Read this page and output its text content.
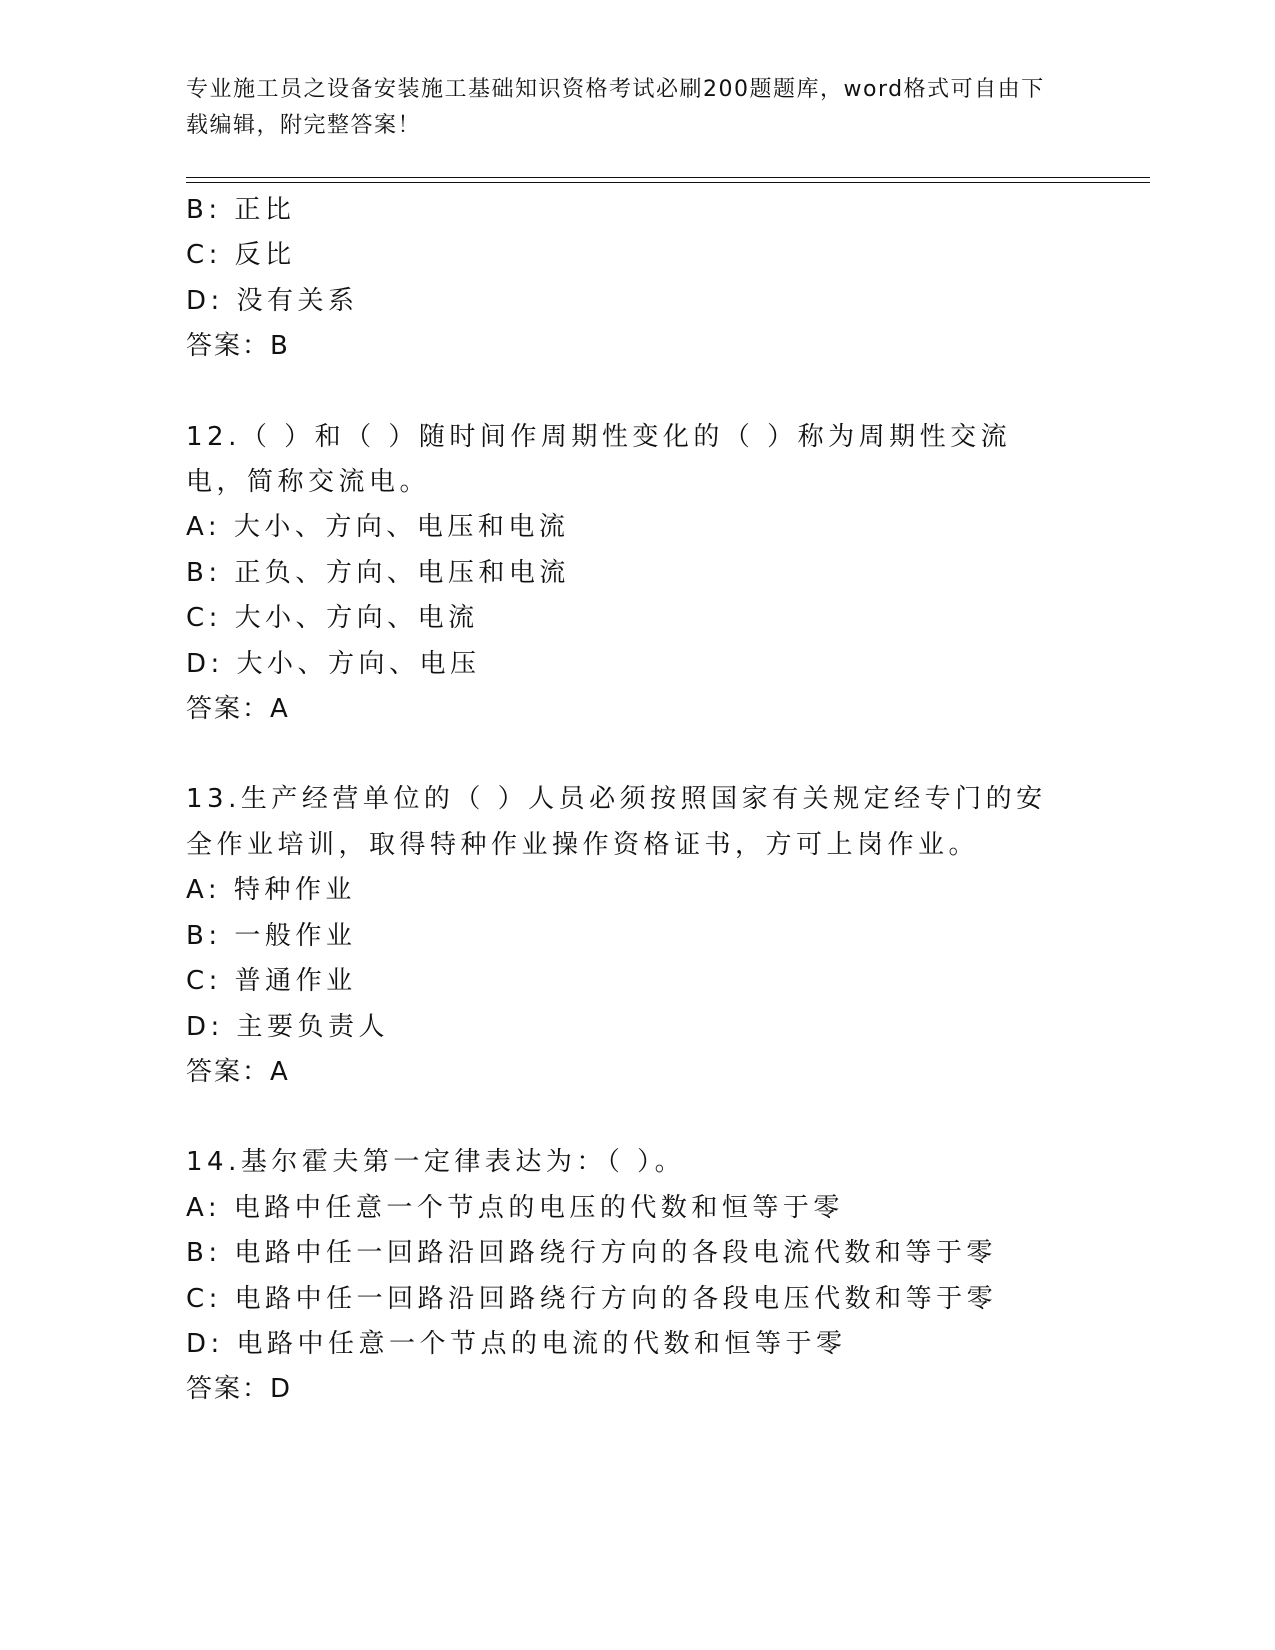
专业施工员之设备安装施工基础知识资格考试必刷200题题库，word格式可自由下载编辑，附完整答案！
B: 正比
C: 反比
D: 没有关系
答案：B
12.（ ）和（ ）随时间作周期性变化的（ ）称为周期性交流电，简称交流电。
A: 大小、方向、电压和电流
B: 正负、方向、电压和电流
C: 大小、方向、电流
D: 大小、方向、电压
答案：A
13.生产经营单位的（ ）人员必须按照国家有关规定经专门的安全作业培训，取得特种作业操作资格证书，方可上岗作业。
A: 特种作业
B: 一般作业
C: 普通作业
D: 主要负责人
答案：A
14.基尔霍夫第一定律表达为：（ ）。
A: 电路中任意一个节点的电压的代数和恒等于零
B: 电路中任一回路沿回路绕行方向的各段电流代数和等于零
C: 电路中任一回路沿回路绕行方向的各段电压代数和等于零
D: 电路中任意一个节点的电流的代数和恒等于零
答案：D
